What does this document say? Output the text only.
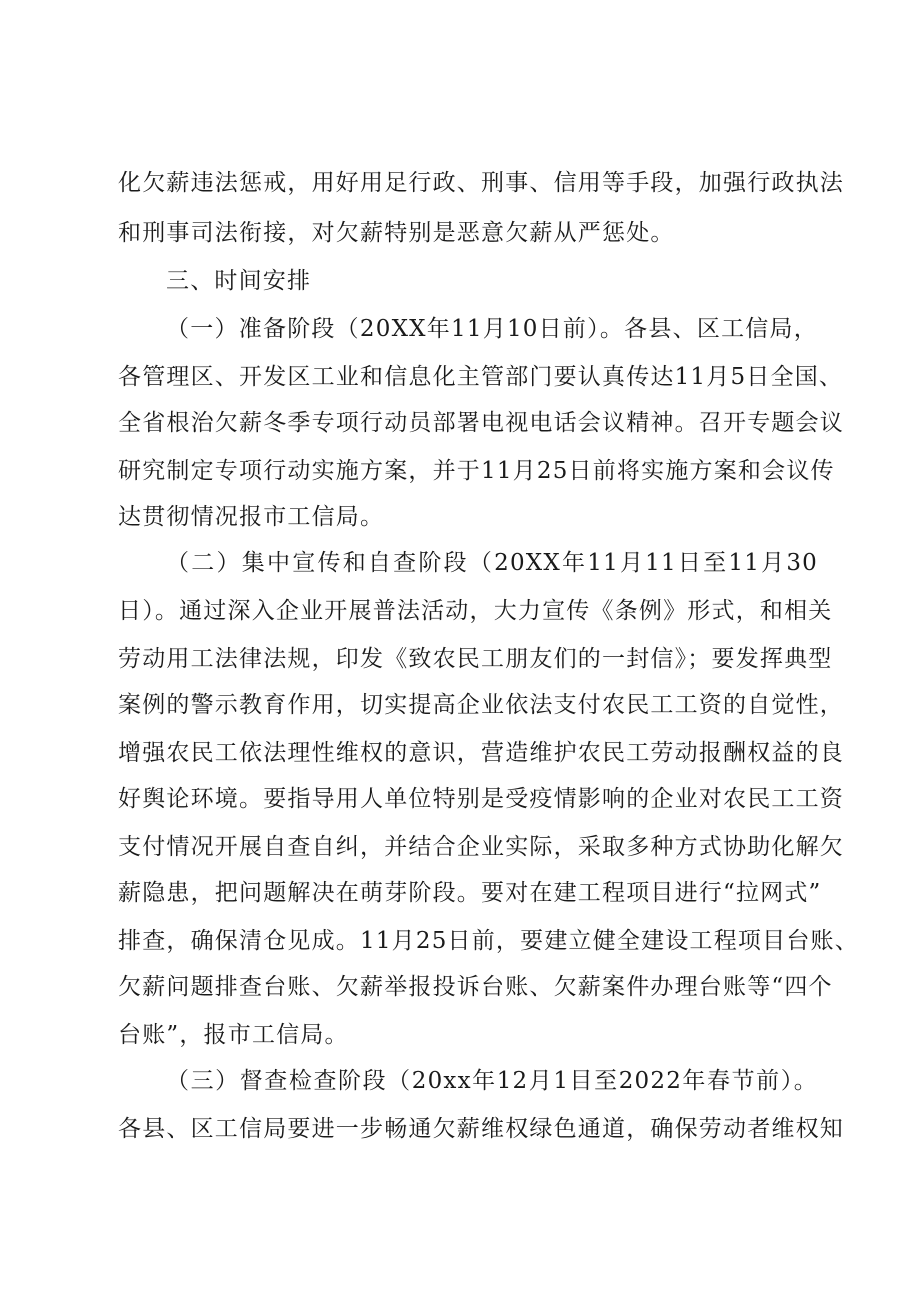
化欠薪违法惩戒，用好用足行政、刑事、信用等手段，加强行政执法
和刑事司法衔接，对欠薪特别是恶意欠薪从严惩处。
三、时间安排
（一）准备阶段（20XX年11月10日前）。各县、区工信局，
各管理区、开发区工业和信息化主管部门要认真传达11月5日全国、
全省根治欠薪冬季专项行动员部署电视电话会议精神。召开专题会议
研究制定专项行动实施方案，并于11月25日前将实施方案和会议传
达贯彻情况报市工信局。
（二）集中宣传和自查阶段（20XX年11月11日至11月30
日）。通过深入企业开展普法活动，大力宣传《条例》形式，和相关
劳动用工法律法规，印发《致农民工朋友们的一封信》；要发挥典型
案例的警示教育作用，切实提高企业依法支付农民工工资的自觉性，
增强农民工依法理性维权的意识，营造维护农民工劳动报酬权益的良
好舆论环境。要指导用人单位特别是受疫情影响的企业对农民工工资
支付情况开展自查自纠，并结合企业实际，采取多种方式协助化解欠
薪隐患，把问题解决在萌芽阶段。要对在建工程项目进行“拉网式”
排查，确保清仓见成。11月25日前，要建立健全建设工程项目台账、
欠薪问题排查台账、欠薪举报投诉台账、欠薪案件办理台账等“四个
台账”，报市工信局。
（三）督查检查阶段（20xx年12月1目至2022年春节前）。
各县、区工信局要进一步畅通欠薪维权绿色通道，确保劳动者维权知
